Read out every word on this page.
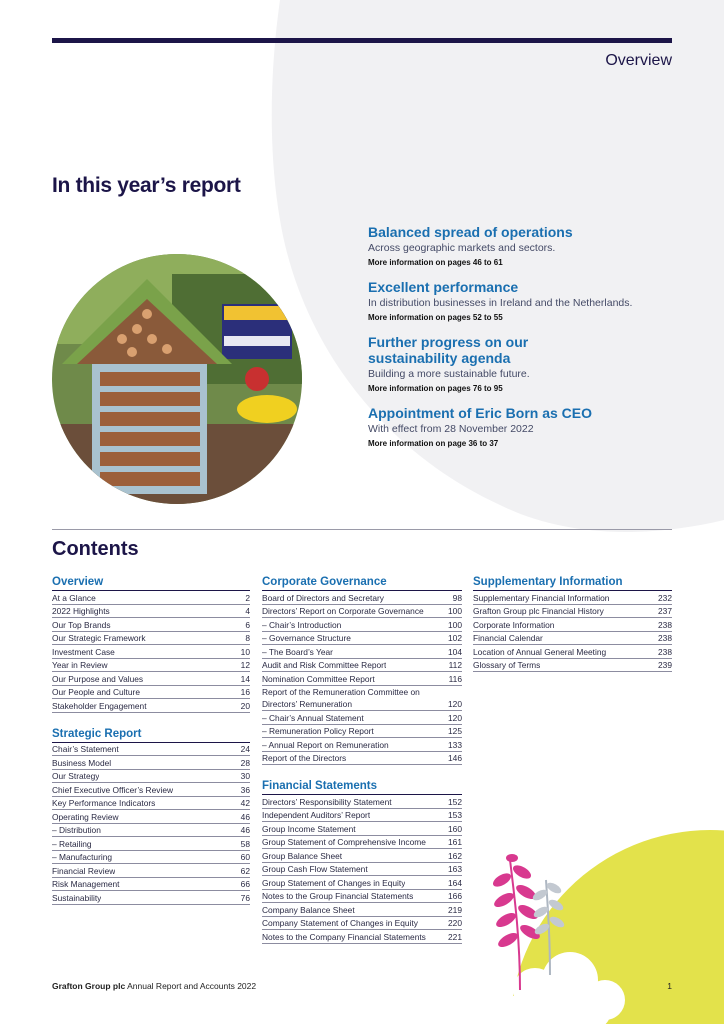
Overview
In this year’s report
Balanced spread of operations
Across geographic markets and sectors.
More information on pages 46 to 61
Excellent performance
In distribution businesses in Ireland and the Netherlands.
More information on pages 52 to 55
Further progress on our sustainability agenda
Building a more sustainable future.
More information on pages 76 to 95
Appointment of Eric Born as CEO
With effect from 28 November 2022
More information on page 36 to 37
Contents
Overview
At a Glance	2
2022 Highlights	4
Our Top Brands	6
Our Strategic Framework	8
Investment Case	10
Year in Review	12
Our Purpose and Values	14
Our People and Culture	16
Stakeholder Engagement	20
Strategic Report
Chair’s Statement	24
Business Model	28
Our Strategy	30
Chief Executive Officer’s Review	36
Key Performance Indicators	42
Operating Review	46
– Distribution	46
– Retailing	58
– Manufacturing	60
Financial Review	62
Risk Management	66
Sustainability	76
Corporate Governance
Board of Directors and Secretary	98
Directors’ Report on Corporate Governance	100
– Chair’s Introduction	100
– Governance Structure	102
– The Board’s Year	104
Audit and Risk Committee Report	112
Nomination Committee Report	116
Report of the Remuneration Committee on Directors’ Remuneration	120
– Chair’s Annual Statement	120
– Remuneration Policy Report	125
– Annual Report on Remuneration	133
Report of the Directors	146
Financial Statements
Directors’ Responsibility Statement	152
Independent Auditors’ Report	153
Group Income Statement	160
Group Statement of Comprehensive Income	161
Group Balance Sheet	162
Group Cash Flow Statement	163
Group Statement of Changes in Equity	164
Notes to the Group Financial Statements	166
Company Balance Sheet	219
Company Statement of Changes in Equity	220
Notes to the Company Financial Statements	221
Supplementary Information
Supplementary Financial Information	232
Grafton Group plc Financial History	237
Corporate Information	238
Financial Calendar	238
Location of Annual General Meeting	238
Glossary of Terms	239
Grafton Group plc Annual Report and Accounts 2022	1
